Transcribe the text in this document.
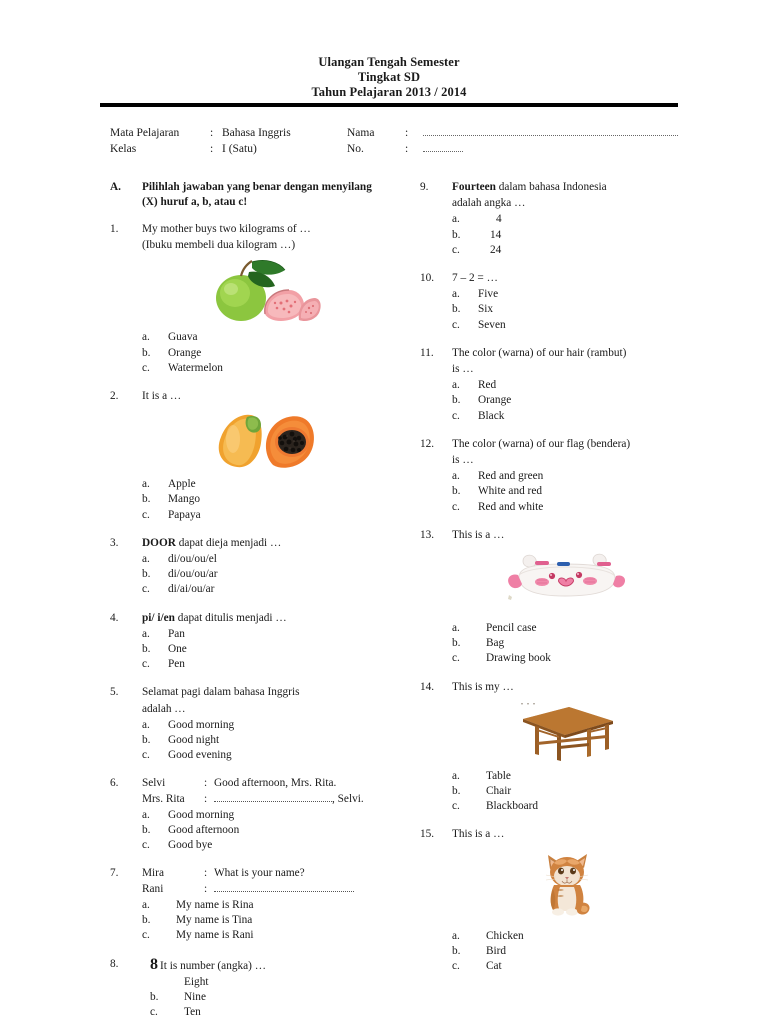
Ulangan Tengah Semester
Tingkat SD
Tahun Pelajaran 2013 / 2014
Mata Pelajaran	: Bahasa Inggris	Nama	:
Kelas	: I (Satu)	No.	:
A.	Pilihlah jawaban yang benar dengan menyilang (X) huruf a, b, atau c!
1.	My mother buys two kilograms of …
(Ibuku membeli dua kilogram …)
a.	Guava
b.	Orange
c.	Watermelon
2.	It is a …
a.	Apple
b.	Mango
c.	Papaya
3.	DOOR dapat dieja menjadi …
a.	di/ou/ou/el
b.	di/ou/ou/ar
c.	di/ai/ou/ar
4.	pi/ i/en dapat ditulis menjadi …
a.	Pan
b.	One
c.	Pen
5.	Selamat pagi dalam bahasa Inggris
adalah …
a.	Good morning
b.	Good night
c.	Good evening
6.	Selvi	: Good afternoon, Mrs. Rita.
Mrs. Rita	:	, Selvi.
a.	Good morning
b.	Good afternoon
c.	Good bye
7.	Mira	: What is your name?
Rani	:
a.	My name is Rina
b.	My name is Tina
c.	My name is Rani
8.	8 It is number (angka) …
Eight
b.	Nine
c.	Ten
9.	Fourteen dalam bahasa Indonesia
adalah angka …
a.	4
b.	14
c.	24
10.	7 – 2 = …
a.	Five
b.	Six
c.	Seven
11.	The color (warna) of our hair (rambut)
is …
a.	Red
b.	Orange
c.	Black
12.	The color (warna) of our flag (bendera)
is …
a.	Red and green
b.	White and red
c.	Red and white
13.	This is a …
a.	Pencil case
b.	Bag
c.	Drawing book
14.	This is my …
a.	Table
b.	Chair
c.	Blackboard
15.	This is a …
a.	Chicken
b.	Bird
c.	Cat
